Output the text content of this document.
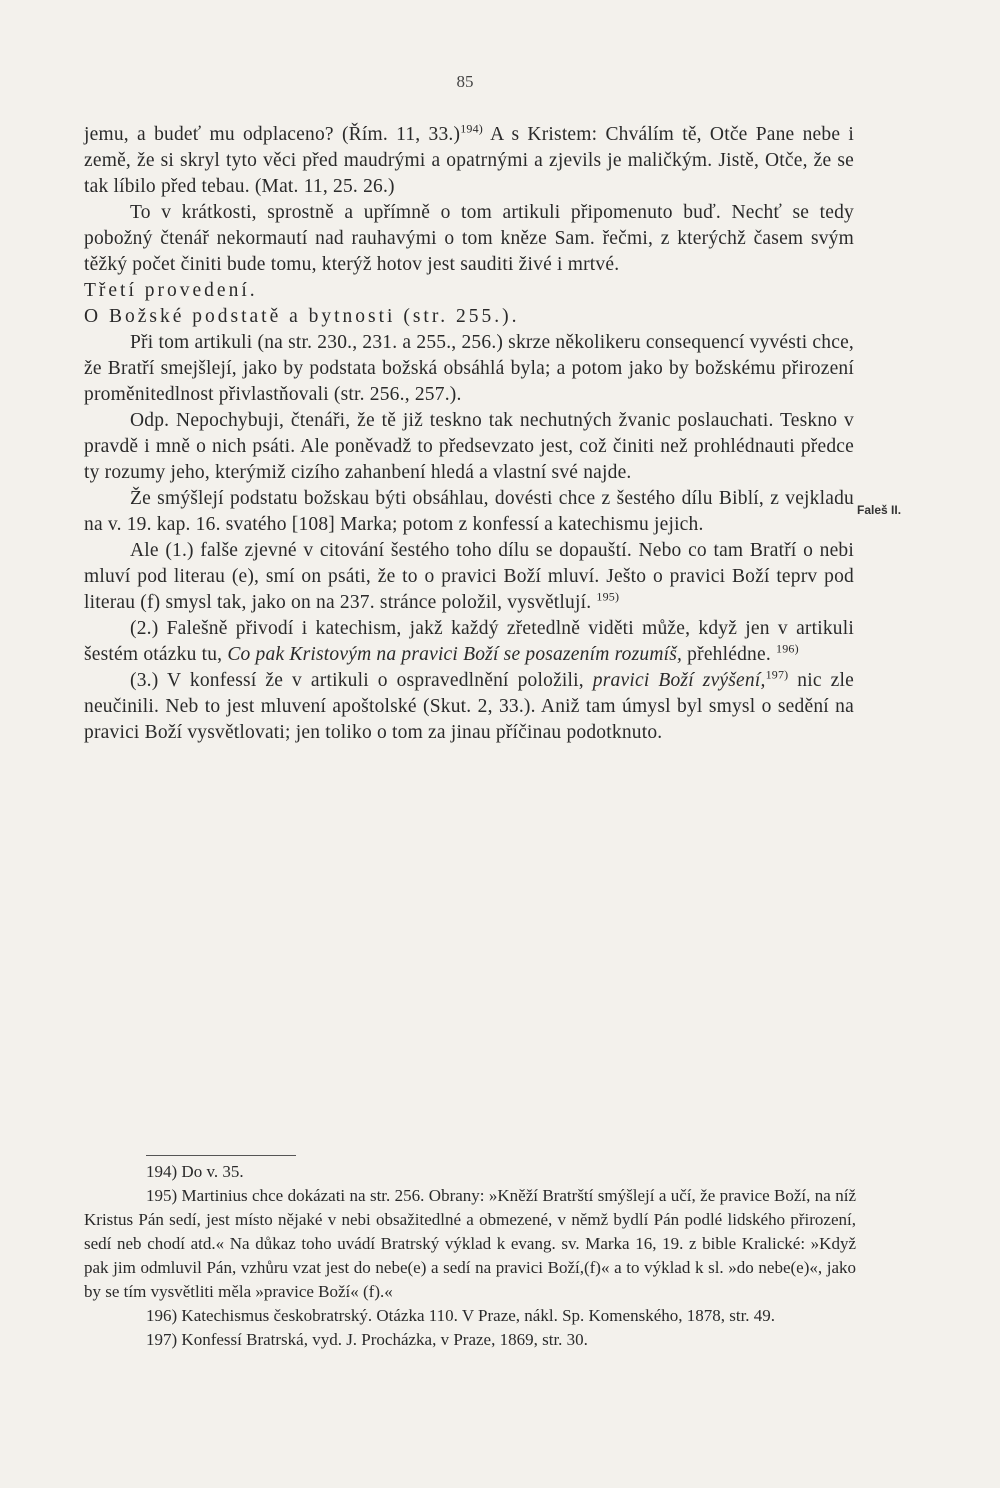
85

jemu, a budeť mu odplaceno? (Řím. 11, 33.)$^{194)}$ A s Kristem: Chválím tě, Otče Pane nebe i země, že si skryl tyto věci před maudrými a opatrnými a zjevils je maličkým. Jistě, Otče, že se tak líbilo před tebau. (Mat. 11, 25. 26.)

To v krátkosti, sprostně a upřímně o tom artikuli připomenuto buď. Nechť se tedy pobožný čtenář nekormautí nad rauhavými o tom kněze Sam. řečmi, z kterýchž časem svým těžký počet činiti bude tomu, kterýž hotov jest sauditi živé i mrtvé.

Třetí provedení.

O Božské podstatě a bytnosti (str. 255.).

Při tom artikuli (na str. 230., 231. a 255., 256.) skrze několikeru consequencí vyvésti chce, že Bratří smejšlejí, jako by podstata božská obsáhlá byla; a potom jako by božskému přirození proměnitedlnost přivlastňovali (str. 256., 257.).

Odp. Nepochybuji, čtenáři, že tě již teskno tak nechutných žvanic poslauchati. Teskno v pravdě i mně o nich psáti. Ale poněvadž to předsevzato jest, což činiti než prohlédnauti předce ty rozumy jeho, kterýmiž cizího zahanbení hledá a vlastní své najde.

Že smýšlejí podstatu božskau býti obsáhlau, dovésti chce z šestého dílu Biblí, z vejkladu na v. 19. kap. 16. svatého [108] Marka; potom z konfessí a katechismu jejich.

Ale (1.) falše zjevné v citování šestého toho dílu se dopauští. Nebo co tam Bratří o nebi mluví pod literau (e), smí on psáti, že to o pravici Boží mluví. Ješto o pravici Boží teprv pod literau (f) smysl tak, jako on na 237. stránce položil, vysvětlují. $^{195)}$

(2.) Falešně přivodí i katechism, jakž každý zřetedlně viděti může, když jen v artikuli šestém otázku tu, Co pak Kristovým na pravici Boží se posazením rozumíš, přehlédne. $^{196)}$

(3.) V konfessí že v artikuli o ospravedlnění položili, pravici Boží zvýšení,$^{197)}$ nic zle neučinili. Neb to jest mluvení apoštolské (Skut. 2, 33.). Aniž tam úmysl byl smysl o sedění na pravici Boží vysvětlovati; jen toliko o tom za jinau příčinau podotknuto.

Faleš II.

194) Do v. 35.

195) Martinius chce dokázati na str. 256. Obrany: »Kněží Bratrští smýšlejí a učí, že pravice Boží, na níž Kristus Pán sedí, jest místo nějaké v nebi obsažitedlné a obmezené, v němž bydlí Pán podlé lidského přirození, sedí neb chodí atd.« Na důkaz toho uvádí Bratrský výklad k evang. sv. Marka 16, 19. z bible Kralické: »Když pak jim odmluvil Pán, vzhůru vzat jest do nebe(e) a sedí na pravici Boží,(f)« a to výklad k sl. »do nebe(e)«, jako by se tím vysvětliti měla »pravice Boží« (f).«

196) Katechismus českobratrský. Otázka 110. V Praze, nákl. Sp. Komenského, 1878, str. 49.

197) Konfessí Bratrská, vyd. J. Procházka, v Praze, 1869, str. 30.
